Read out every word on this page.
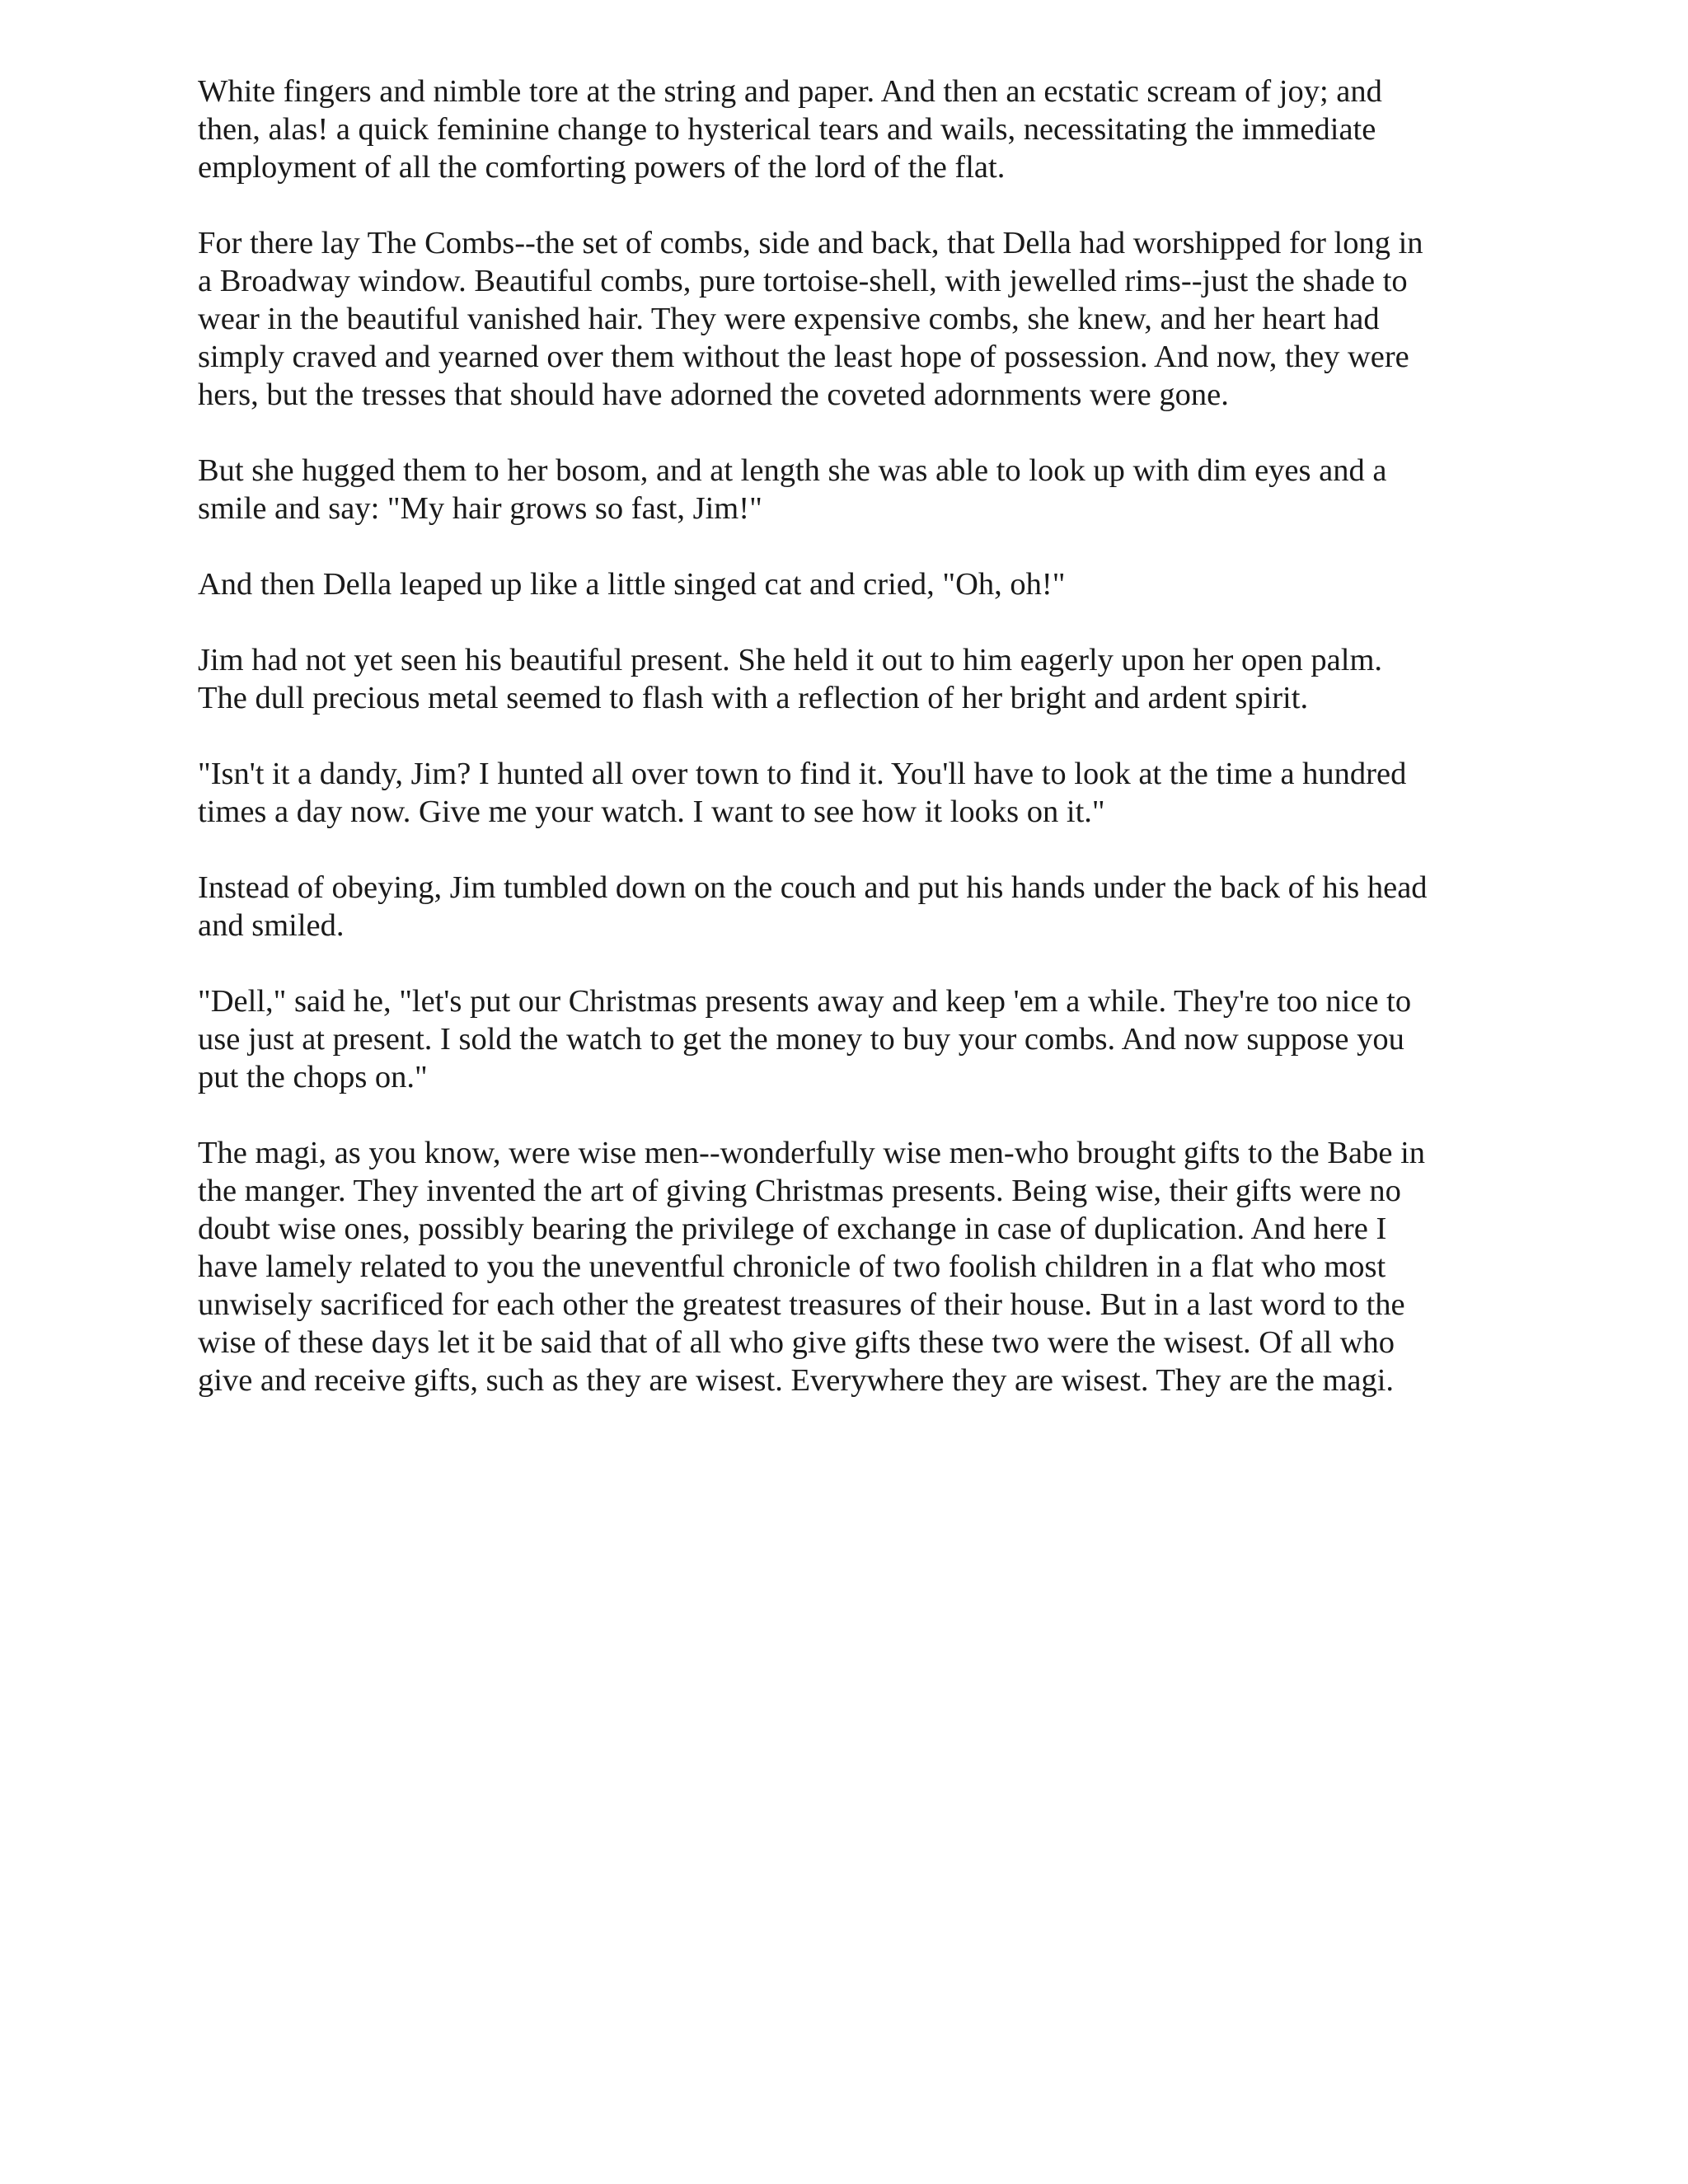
White fingers and nimble tore at the string and paper. And then an ecstatic scream of joy; and
then, alas! a quick feminine change to hysterical tears and wails, necessitating the immediate
employment of all the comforting powers of the lord of the flat.

For there lay The Combs--the set of combs, side and back, that Della had worshipped for long in
a Broadway window. Beautiful combs, pure tortoise-shell, with jewelled rims--just the shade to
wear in the beautiful vanished hair. They were expensive combs, she knew, and her heart had
simply craved and yearned over them without the least hope of possession. And now, they were
hers, but the tresses that should have adorned the coveted adornments were gone.

But she hugged them to her bosom, and at length she was able to look up with dim eyes and a
smile and say: "My hair grows so fast, Jim!"

And then Della leaped up like a little singed cat and cried, "Oh, oh!"

Jim had not yet seen his beautiful present. She held it out to him eagerly upon her open palm.
The dull precious metal seemed to flash with a reflection of her bright and ardent spirit.

"Isn't it a dandy, Jim? I hunted all over town to find it. You'll have to look at the time a hundred
times a day now. Give me your watch. I want to see how it looks on it."

Instead of obeying, Jim tumbled down on the couch and put his hands under the back of his head
and smiled.

"Dell," said he, "let's put our Christmas presents away and keep 'em a while. They're too nice to
use just at present. I sold the watch to get the money to buy your combs. And now suppose you
put the chops on."

The magi, as you know, were wise men--wonderfully wise men-who brought gifts to the Babe in
the manger. They invented the art of giving Christmas presents. Being wise, their gifts were no
doubt wise ones, possibly bearing the privilege of exchange in case of duplication. And here I
have lamely related to you the uneventful chronicle of two foolish children in a flat who most
unwisely sacrificed for each other the greatest treasures of their house. But in a last word to the
wise of these days let it be said that of all who give gifts these two were the wisest. Of all who
give and receive gifts, such as they are wisest. Everywhere they are wisest. They are the magi.
